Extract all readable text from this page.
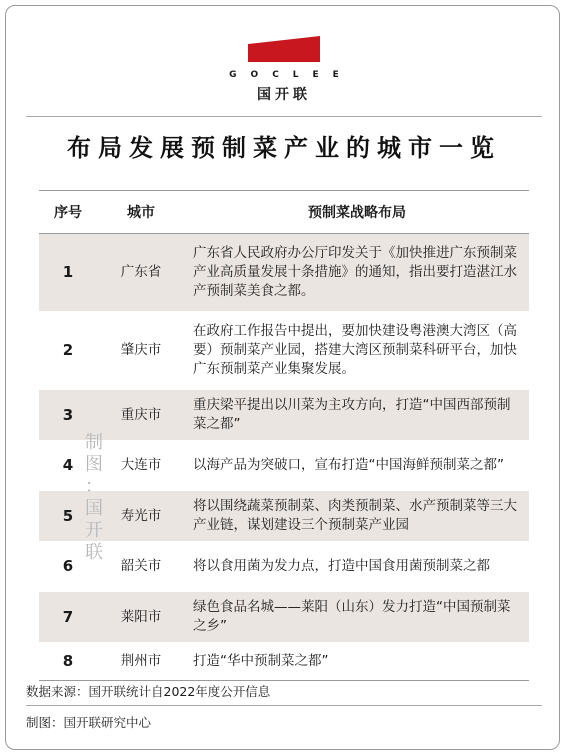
GOCLEE
国开联
布局发展预制菜产业的城市一览
序号	城市	预制菜战略布局
1	广东省	广东省人民政府办公厅印发关于《加快推进广东预制菜产业高质量发展十条措施》的通知，指出要打造湛江水产预制菜美食之都。
2	肇庆市	在政府工作报告中提出，要加快建设粤港澳大湾区（高要）预制菜产业园，搭建大湾区预制菜科研平台，加快广东预制菜产业集聚发展。
3	重庆市	重庆梁平提出以川菜为主攻方向，打造“中国西部预制菜之都”
4	大连市	以海产品为突破口，宣布打造“中国海鲜预制菜之都”
5	寿光市	将以围绕蔬菜预制菜、肉类预制菜、水产预制菜等三大产业链，谋划建设三个预制菜产业园
6	韶关市	将以食用菌为发力点，打造中国食用菌预制菜之都
7	莱阳市	绿色食品名城——莱阳（山东）发力打造“中国预制菜之乡”
8	荆州市	打造“华中预制菜之都”
制
图
：
国
开
联
数据来源：国开联统计自2022年度公开信息
制图：国开联研究中心
